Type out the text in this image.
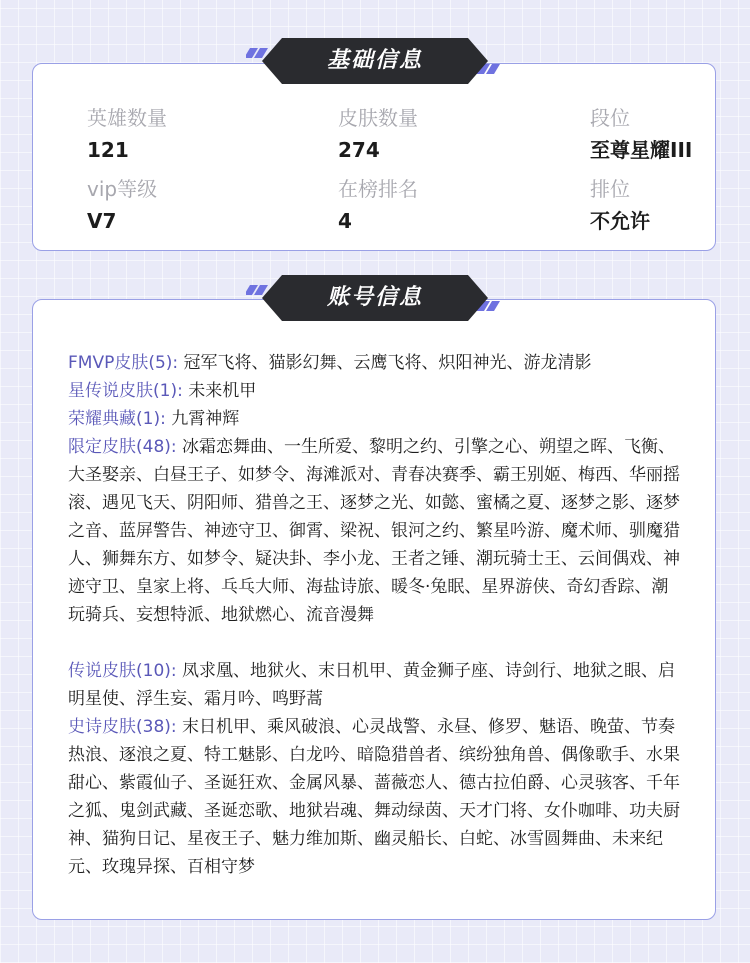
英雄数量
121
皮肤数量
274
段位
至尊星耀III
vip等级
V7
在榜排名
4
排位
不允许
基础信息
账号信息

FMVP皮肤(5): 冠军飞将、猫影幻舞、云鹰飞将、炽阳神光、游龙清影

星传说皮肤(1): 未来机甲

荣耀典藏(1): 九霄神辉

限定皮肤(48): 冰霜恋舞曲、一生所爱、黎明之约、引擎之心、朔望之晖、飞衡、大圣娶亲、白昼王子、如梦令、海滩派对、青春决赛季、霸王别姬、梅西、华丽摇滚、遇见飞天、阴阳师、猎兽之王、逐梦之光、如懿、蜜橘之夏、逐梦之影、逐梦之音、蓝屏警告、神迹守卫、御霄、梁祝、银河之约、繁星吟游、魔术师、驯魔猎人、狮舞东方、如梦令、疑决卦、李小龙、王者之锤、潮玩骑士王、云间偶戏、神迹守卫、皇家上将、乓乓大师、海盐诗旅、暖冬·兔眠、星界游侠、奇幻香踪、潮玩骑兵、妄想特派、地狱燃心、流音漫舞

传说皮肤(10): 凤求凰、地狱火、末日机甲、黄金狮子座、诗剑行、地狱之眼、启明星使、浮生妄、霜月吟、鸣野蒿

史诗皮肤(38): 末日机甲、乘风破浪、心灵战警、永昼、修罗、魅语、晚萤、节奏热浪、逐浪之夏、特工魅影、白龙吟、暗隐猎兽者、缤纷独角兽、偶像歌手、水果甜心、紫霞仙子、圣诞狂欢、金属风暴、蔷薇恋人、德古拉伯爵、心灵骇客、千年之狐、鬼剑武藏、圣诞恋歌、地狱岩魂、舞动绿茵、天才门将、女仆咖啡、功夫厨神、猫狗日记、星夜王子、魅力维加斯、幽灵船长、白蛇、冰雪圆舞曲、未来纪元、玫瑰异探、百相守梦
